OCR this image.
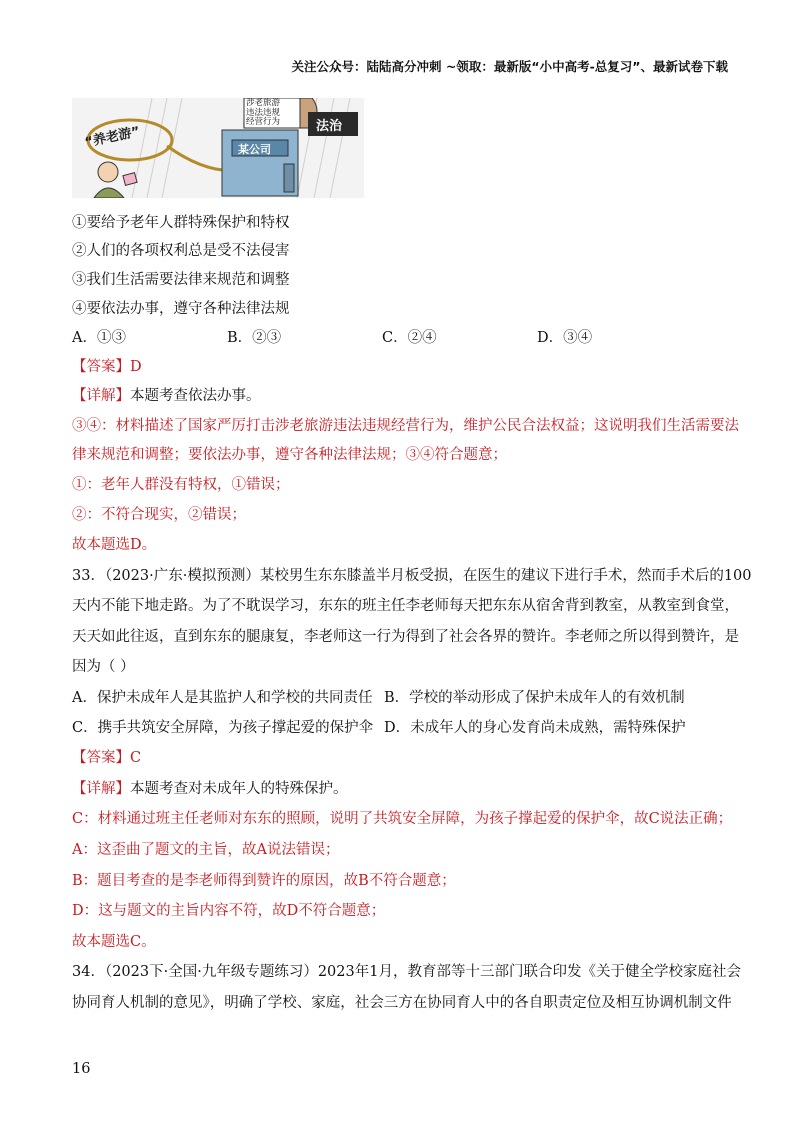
关注公众号：陆陆高分冲刺 ~领取：最新版“小中高考-总复习”、最新试卷下载
“养老游”
涉老旅游
违法违规
经营行为	法治
某公司
①要给予老年人群特殊保护和特权
②人们的各项权利总是受不法侵害
③我们生活需要法律来规范和调整
④要依法办事，遵守各种法律法规
A．①③	B．②③	C．②④	D．③④
【答案】D
【详解】本题考查依法办事。
③④：材料描述了国家严厉打击涉老旅游违法违规经营行为，维护公民合法权益；这说明我们生活需要法
律来规范和调整；要依法办事，遵守各种法律法规；③④符合题意；
①：老年人群没有特权，①错误；
②：不符合现实，②错误；
故本题选D。
33．（2023·广东·模拟预测）某校男生东东膝盖半月板受损，在医生的建议下进行手术，然而手术后的100
天内不能下地走路。为了不耽误学习，东东的班主任李老师每天把东东从宿舍背到教室，从教室到食堂，
天天如此往返，直到东东的腿康复，李老师这一行为得到了社会各界的赞许。李老师之所以得到赞许，是
因为（ ）
A．保护未成年人是其监护人和学校的共同责任 B．学校的举动形成了保护未成年人的有效机制
C．携手共筑安全屏障，为孩子撑起爱的保护伞 D．未成年人的身心发育尚未成熟，需特殊保护
【答案】C
【详解】本题考查对未成年人的特殊保护。
C：材料通过班主任老师对东东的照顾，说明了共筑安全屏障，为孩子撑起爱的保护伞，故C说法正确；
A：这歪曲了题文的主旨，故A说法错误；
B：题目考查的是李老师得到赞许的原因，故B不符合题意；
D：这与题文的主旨内容不符，故D不符合题意；
故本题选C。
34．（2023下·全国·九年级专题练习）2023年1月，教育部等十三部门联合印发《关于健全学校家庭社会
协同育人机制的意见》，明确了学校、家庭，社会三方在协同育人中的各自职责定位及相互协调机制文件
16
